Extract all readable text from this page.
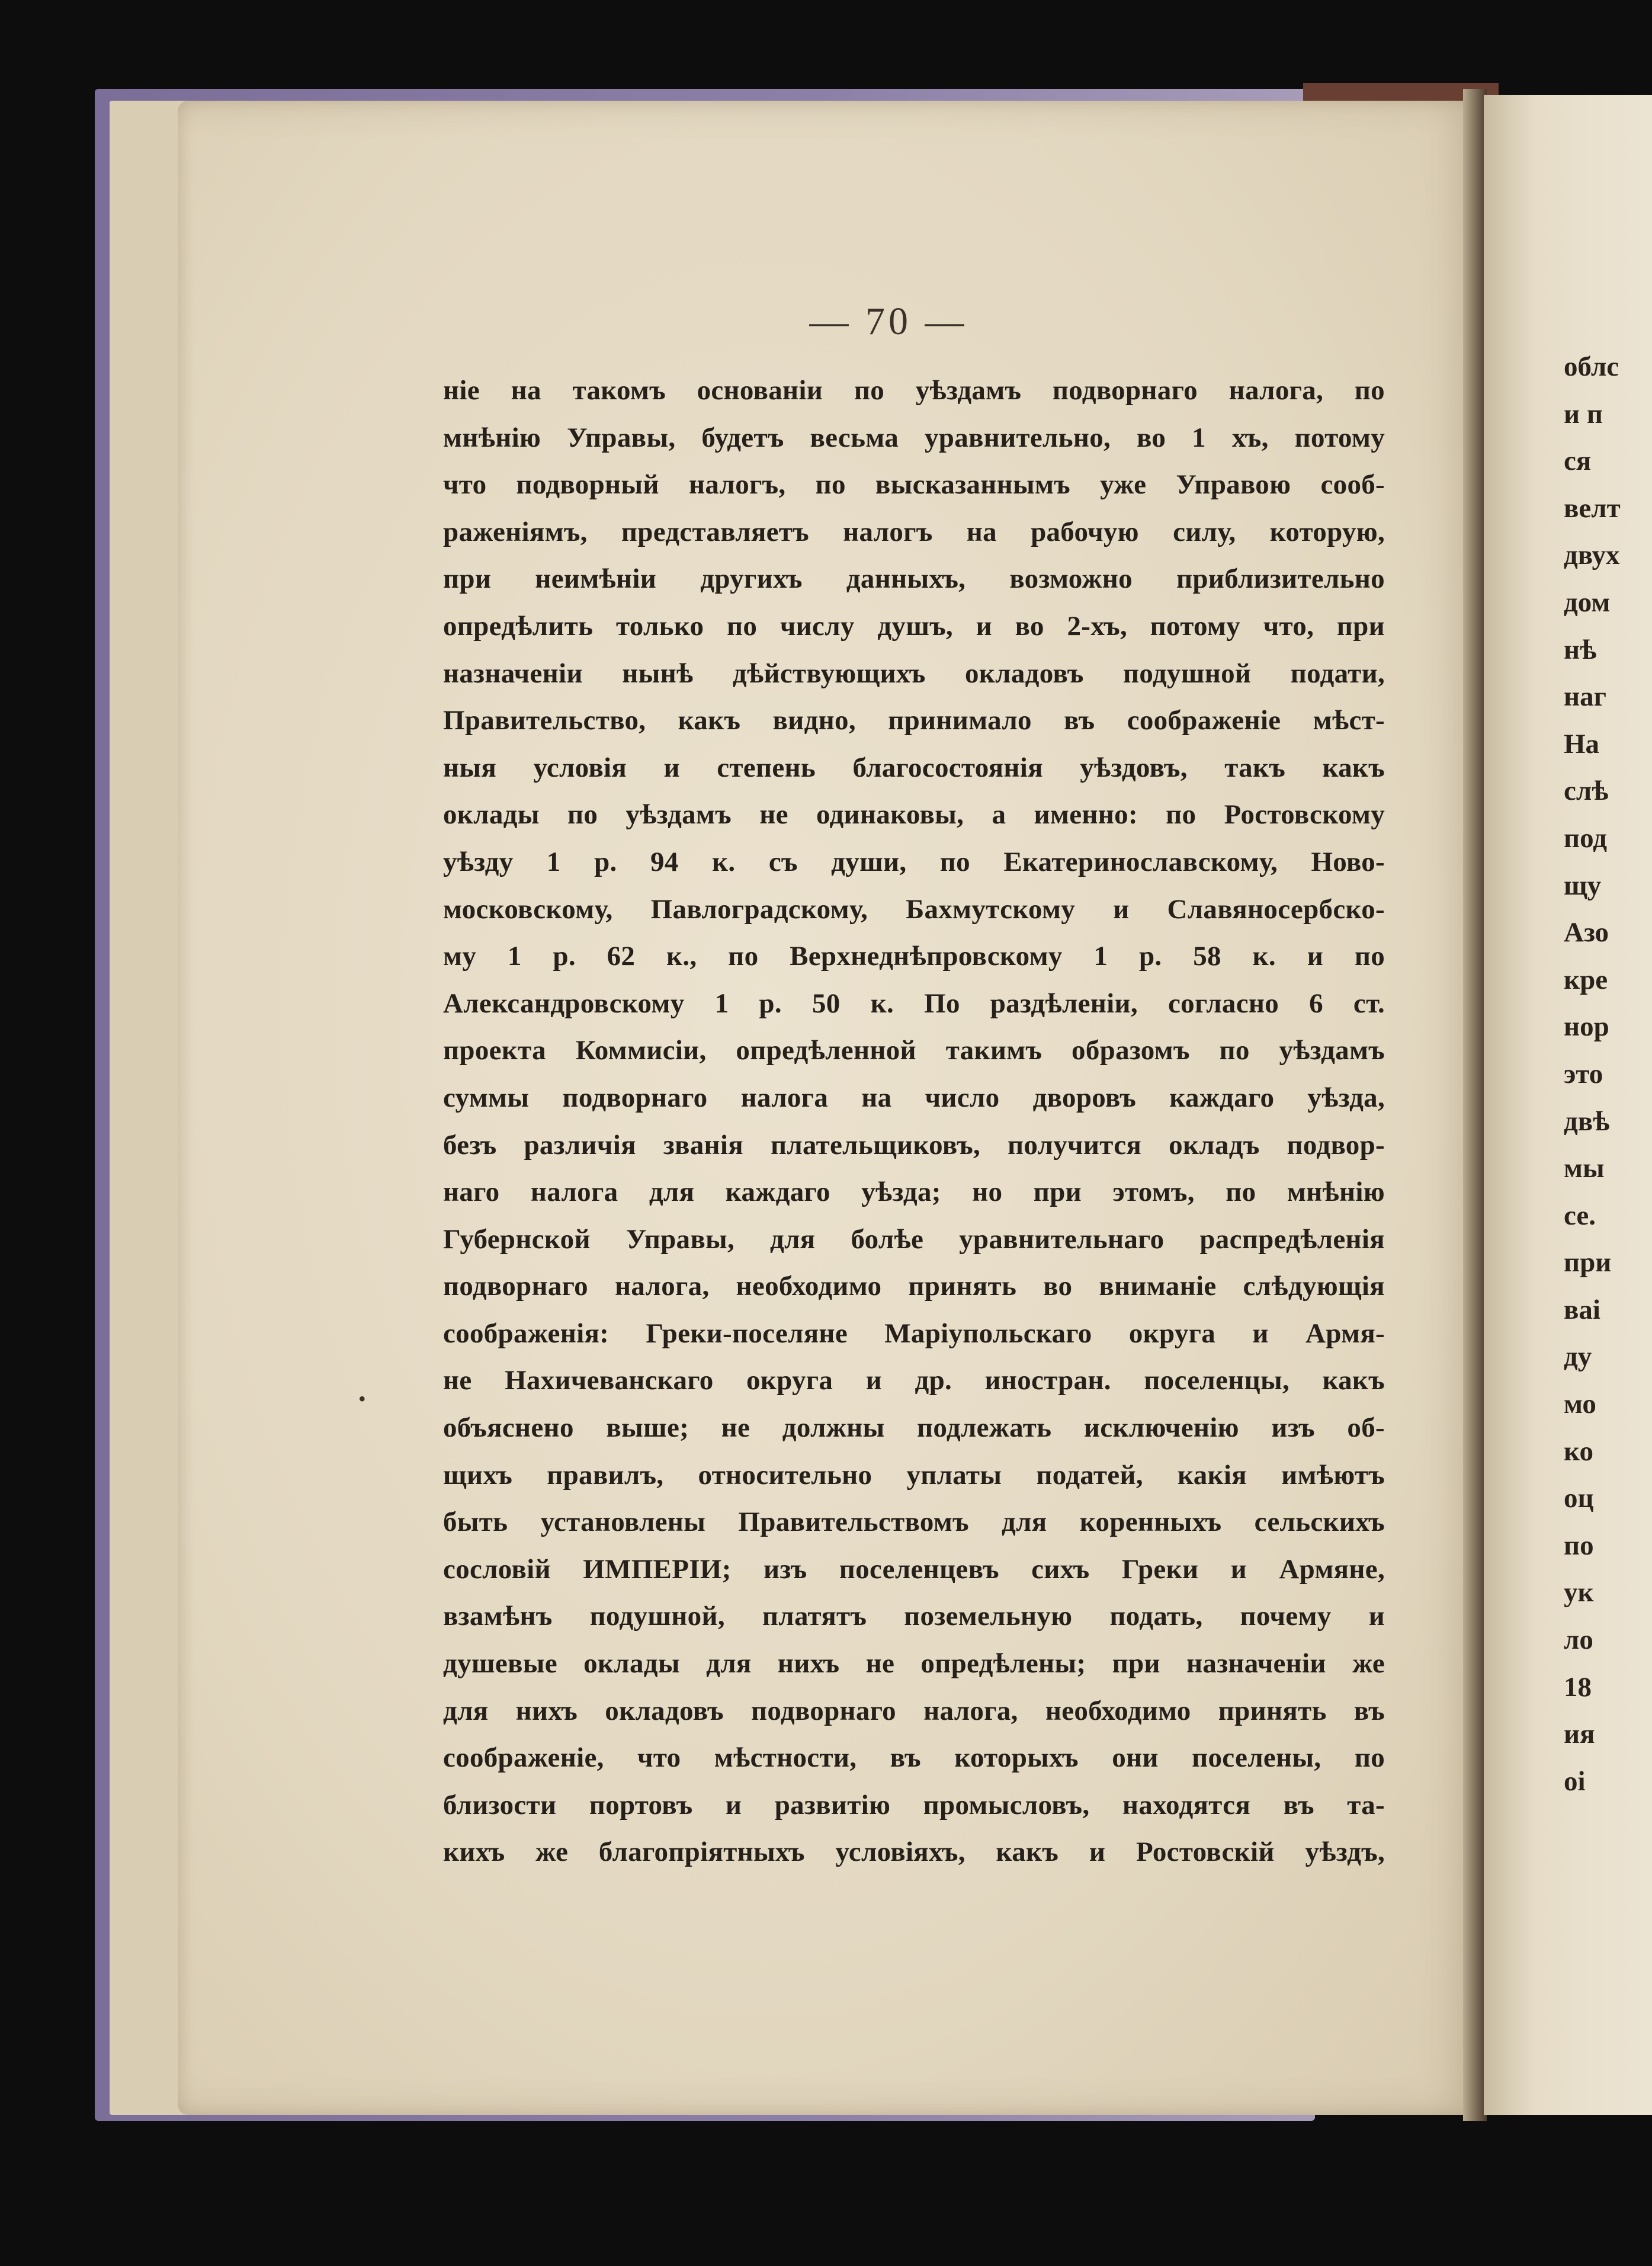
— 70 —
ніе на такомъ основаніи по уѣздамъ подворнаго налога, по
мнѣнію Управы, будетъ весьма уравнительно, во 1 хъ, потому
что подворный налогъ, по высказаннымъ уже Управою сооб-
раженіямъ, представляетъ налогъ на рабочую силу, которую,
при неимѣніи другихъ данныхъ, возможно приблизительно
опредѣлить только по числу душъ, и во 2-хъ, потому что, при
назначеніи нынѣ дѣйствующихъ окладовъ подушной подати,
Правительство, какъ видно, принимало въ соображеніе мѣст-
ныя условія и степень благосостоянія уѣздовъ, такъ какъ
оклады по уѣздамъ не одинаковы, а именно: по Ростовскому
уѣзду 1 р. 94 к. съ души, по Екатеринославскому, Ново-
московскому, Павлоградскому, Бахмутскому и Славяносербско-
му 1 р. 62 к., по Верхнеднѣпровскому 1 р. 58 к. и по
Александровскому 1 р. 50 к. По раздѣленіи, согласно 6 ст.
проекта Коммисіи, опредѣленной такимъ образомъ по уѣздамъ
суммы подворнаго налога на число дворовъ каждаго уѣзда,
безъ различія званія плательщиковъ, получится окладъ подвор-
наго налога для каждаго уѣзда; но при этомъ, по мнѣнію
Губернской Управы, для болѣе уравнительнаго распредѣленія
подворнаго налога, необходимо принять во вниманіе слѣдующія
соображенія: Греки-поселяне Маріупольскаго округа и Армя-
не Нахичеванскаго округа и др. иностран. поселенцы, какъ
объяснено выше; не должны подлежать исключенію изъ об-
щихъ правилъ, относительно уплаты податей, какія имѣютъ
быть установлены Правительствомъ для коренныхъ сельскихъ
сословій ИМПЕРІИ; изъ поселенцевъ сихъ Греки и Армяне,
взамѣнъ подушной, платятъ поземельную подать, почему и
душевые оклады для нихъ не опредѣлены; при назначеніи же
для нихъ окладовъ подворнаго налога, необходимо принять въ
соображеніе, что мѣстности, въ которыхъ они поселены, по
близости портовъ и развитію промысловъ, находятся въ та-
кихъ же благопріятныхъ условіяхъ, какъ и Ростовскій уѣздъ,
•
облс
и п
ся
велт
двух
дом
нѣ
наг
На
слѣ
под
щу
Азо
кре
нор
это
двѣ
мы
се.
при
ваі
ду
мо
ко
оц
по
ук
ло
18
ия
оі
